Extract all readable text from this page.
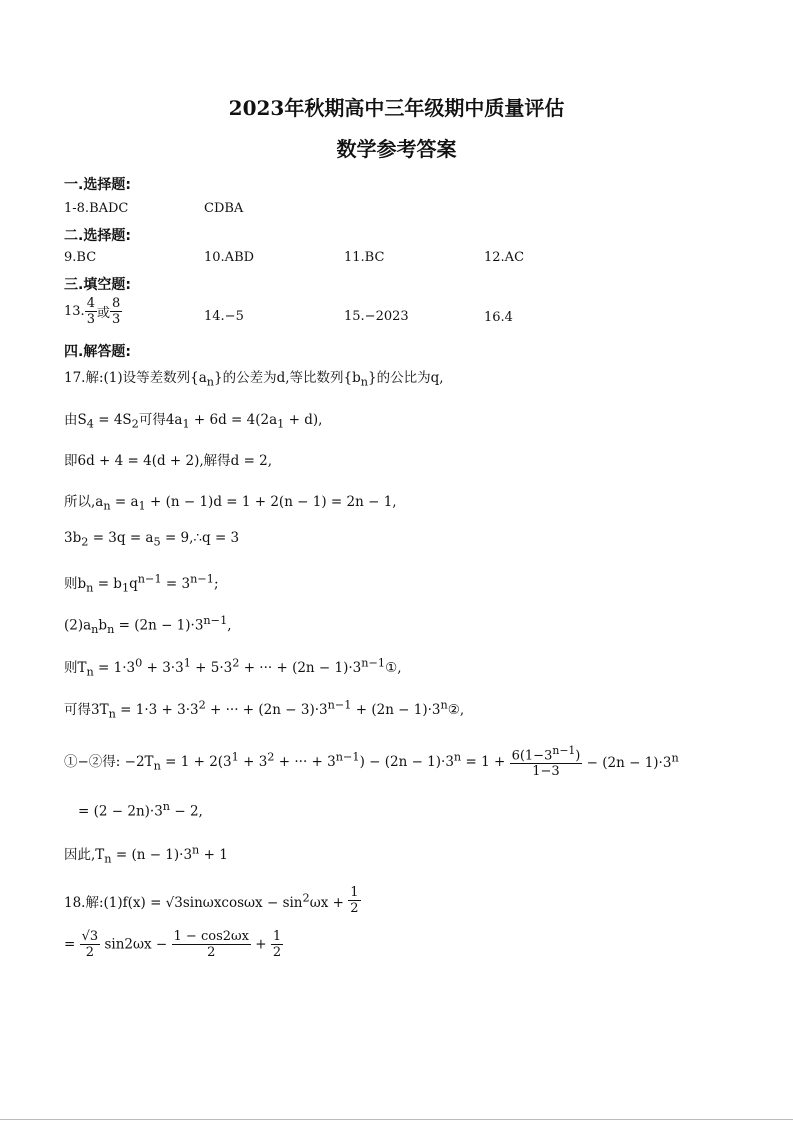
2023年秋期高中三年级期中质量评估
数学参考答案
一.选择题:
1-8.BADC	CDBA
二.选择题:
9.BC	10.ABD	11.BC	12.AC
三.填空题:
13. $\frac{4}{3}$ 或 $\frac{8}{3}$	14.−5	15.−2023	16.4
四.解答题:
17.解:(1)设等差数列$\{a_n\}$的公差为d,等比数列$\{b_n\}$的公比为q,
由$S_4 = 4S_2$可得$4a_1 + 6d = 4(2a_1 + d)$,
即6d + 4 = 4(d + 2),解得d = 2,
所以$,a_n = a_1 + (n - 1)d = 1 + 2(n - 1) = 2n - 1$,
$3b_2 = 3q = a_5$ = 9,∴q = 3
则$b_n = b_1q^{n-1} = 3^{n-1}$;
$(2)a_nb_n = (2n - 1)\cdot 3^{n-1}$,
则$T_n = 1\cdot 3^0 + 3\cdot 3^1 + 5\cdot 3^2$ + ··· + $(2n - 1)\cdot 3^{n-1}①$,
可得$3T_n = 1\cdot 3 + 3\cdot 3^2$ + ··· + $(2n - 3)\cdot 3^{n-1} + (2n$ − $1)\cdot 3^n②$,
①−②得: $-2T_n = 1 + 2(3^1 + 3^2$ + ··· + $3^{n-1}) - (2n - 1)\cdot 3^n = 1 + \frac{6(1-3^{n-1})}{1-3} - (2n - 1)\cdot 3^n$
= $(2 - 2n)\cdot 3^n - 2$,
因此$,T_n = (n - 1)\cdot 3^n + 1$
18.解:(1)f(x) = $√3\sin\omega xcos\omega x - \sin^2\omega x + \frac{1}{2}$
= $\frac{√3}{2} \sin 2\omega x - \frac{1 - \cos 2\omega x}{2} + \frac{1}{2}$
